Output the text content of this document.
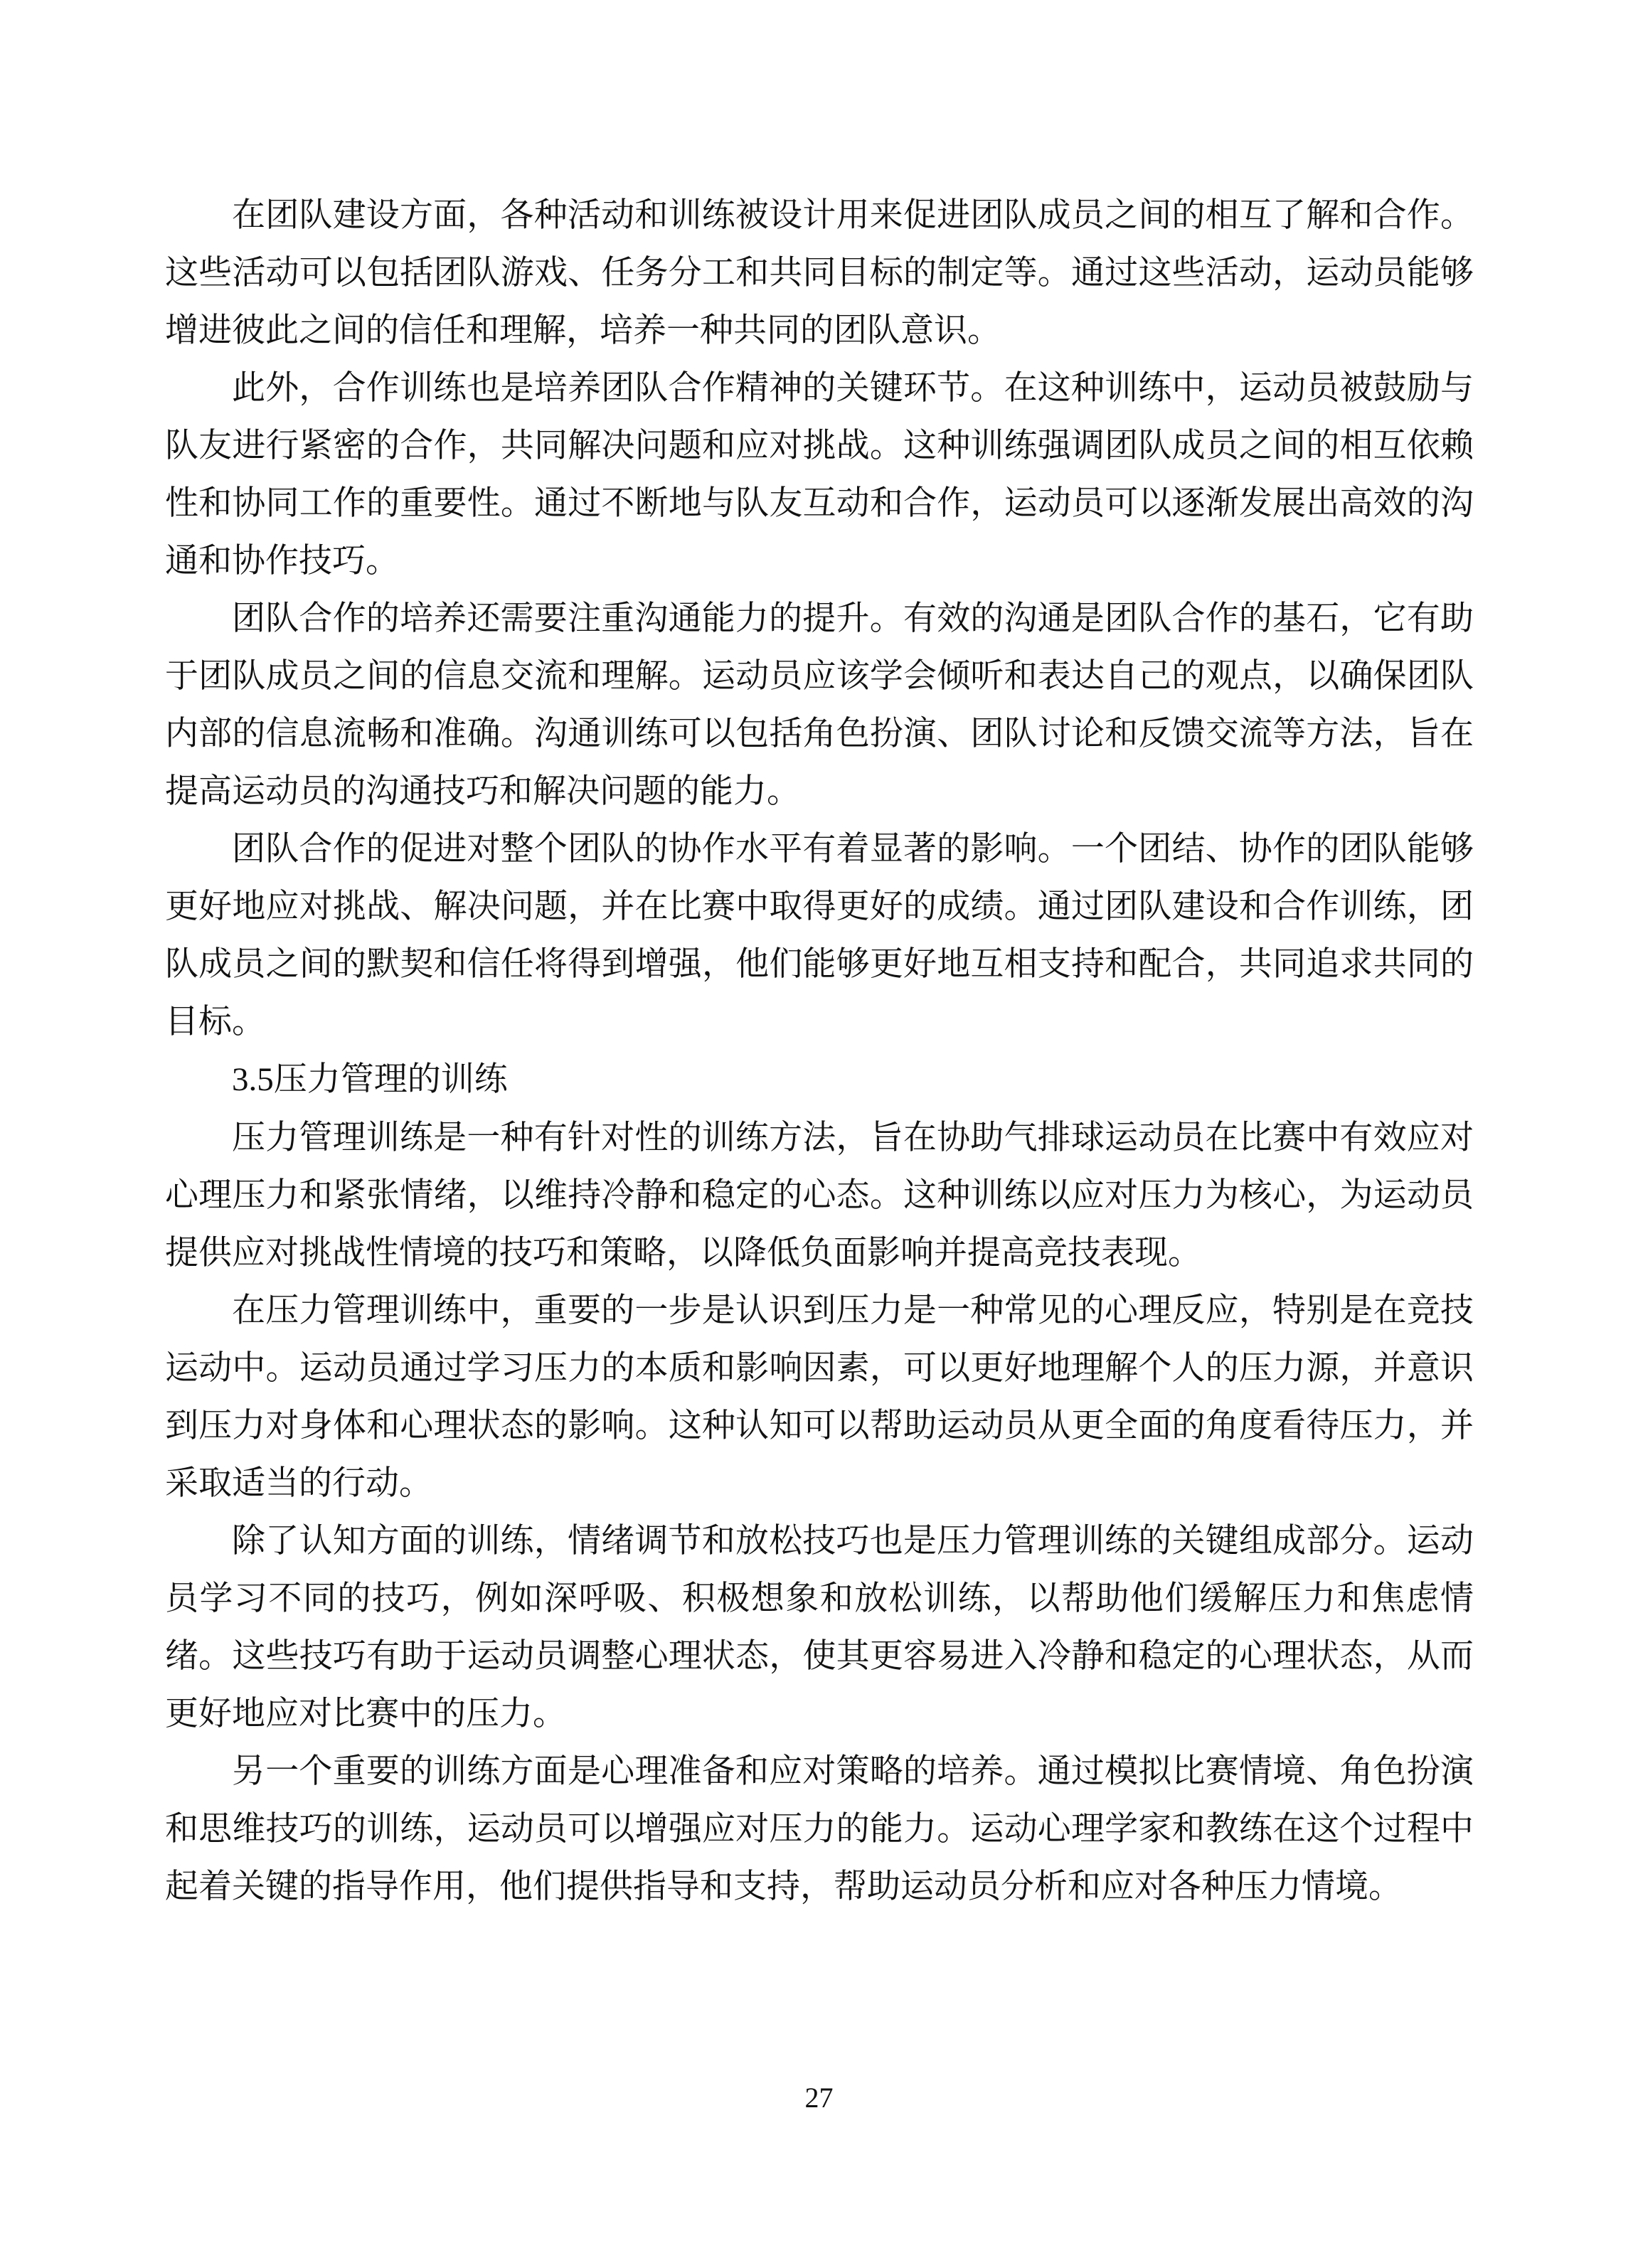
在团队建设方面，各种活动和训练被设计用来促进团队成员之间的相互了解和合作。这些活动可以包括团队游戏、任务分工和共同目标的制定等。通过这些活动，运动员能够增进彼此之间的信任和理解，培养一种共同的团队意识。

此外，合作训练也是培养团队合作精神的关键环节。在这种训练中，运动员被鼓励与队友进行紧密的合作，共同解决问题和应对挑战。这种训练强调团队成员之间的相互依赖性和协同工作的重要性。通过不断地与队友互动和合作，运动员可以逐渐发展出高效的沟通和协作技巧。

团队合作的培养还需要注重沟通能力的提升。有效的沟通是团队合作的基石，它有助于团队成员之间的信息交流和理解。运动员应该学会倾听和表达自己的观点，以确保团队内部的信息流畅和准确。沟通训练可以包括角色扮演、团队讨论和反馈交流等方法，旨在提高运动员的沟通技巧和解决问题的能力。

团队合作的促进对整个团队的协作水平有着显著的影响。一个团结、协作的团队能够更好地应对挑战、解决问题，并在比赛中取得更好的成绩。通过团队建设和合作训练，团队成员之间的默契和信任将得到增强，他们能够更好地互相支持和配合，共同追求共同的目标。

3.5压力管理的训练

压力管理训练是一种有针对性的训练方法，旨在协助气排球运动员在比赛中有效应对心理压力和紧张情绪，以维持冷静和稳定的心态。这种训练以应对压力为核心，为运动员提供应对挑战性情境的技巧和策略，以降低负面影响并提高竞技表现。

在压力管理训练中，重要的一步是认识到压力是一种常见的心理反应，特别是在竞技运动中。运动员通过学习压力的本质和影响因素，可以更好地理解个人的压力源，并意识到压力对身体和心理状态的影响。这种认知可以帮助运动员从更全面的角度看待压力，并采取适当的行动。

除了认知方面的训练，情绪调节和放松技巧也是压力管理训练的关键组成部分。运动员学习不同的技巧，例如深呼吸、积极想象和放松训练，以帮助他们缓解压力和焦虑情绪。这些技巧有助于运动员调整心理状态，使其更容易进入冷静和稳定的心理状态，从而更好地应对比赛中的压力。

另一个重要的训练方面是心理准备和应对策略的培养。通过模拟比赛情境、角色扮演和思维技巧的训练，运动员可以增强应对压力的能力。运动心理学家和教练在这个过程中起着关键的指导作用，他们提供指导和支持，帮助运动员分析和应对各种压力情境。

27
